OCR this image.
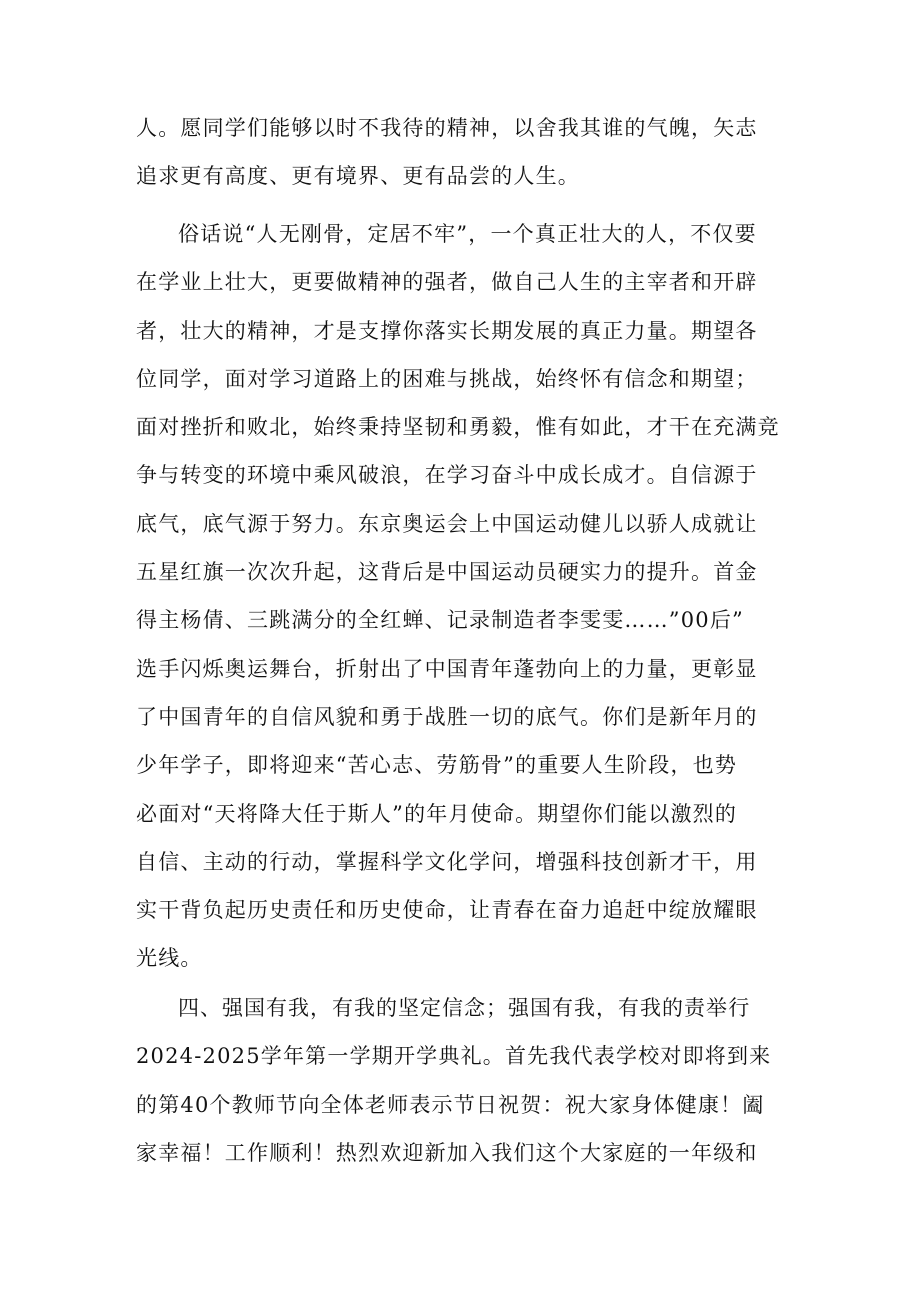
人。愿同学们能够以时不我待的精神，以舍我其谁的气魄，矢志
追求更有高度、更有境界、更有品尝的人生。
俗话说“人无刚骨，定居不牢”，一个真正壮大的人，不仅要
在学业上壮大，更要做精神的强者，做自己人生的主宰者和开辟
者，壮大的精神，才是支撑你落实长期发展的真正力量。期望各
位同学，面对学习道路上的困难与挑战，始终怀有信念和期望；
面对挫折和败北，始终秉持坚韧和勇毅，惟有如此，才干在充满竞
争与转变的环境中乘风破浪，在学习奋斗中成长成才。自信源于
底气，底气源于努力。东京奥运会上中国运动健儿以骄人成就让
五星红旗一次次升起，这背后是中国运动员硬实力的提升。首金
得主杨倩、三跳满分的全红蝉、记录制造者李雯雯……”00后”
选手闪烁奥运舞台，折射出了中国青年蓬勃向上的力量，更彰显
了中国青年的自信风貌和勇于战胜一切的底气。你们是新年月的
少年学子，即将迎来“苦心志、劳筋骨”的重要人生阶段，也势
必面对“天将降大任于斯人”的年月使命。期望你们能以激烈的
自信、主动的行动，掌握科学文化学问，增强科技创新才干，用
实干背负起历史责任和历史使命，让青春在奋力追赶中绽放耀眼
光线。
四、强国有我，有我的坚定信念；强国有我，有我的责举行
2024-2025学年第一学期开学典礼。首先我代表学校对即将到来
的第40个教师节向全体老师表示节日祝贺：祝大家身体健康！阖
家幸福！工作顺利！热烈欢迎新加入我们这个大家庭的一年级和
